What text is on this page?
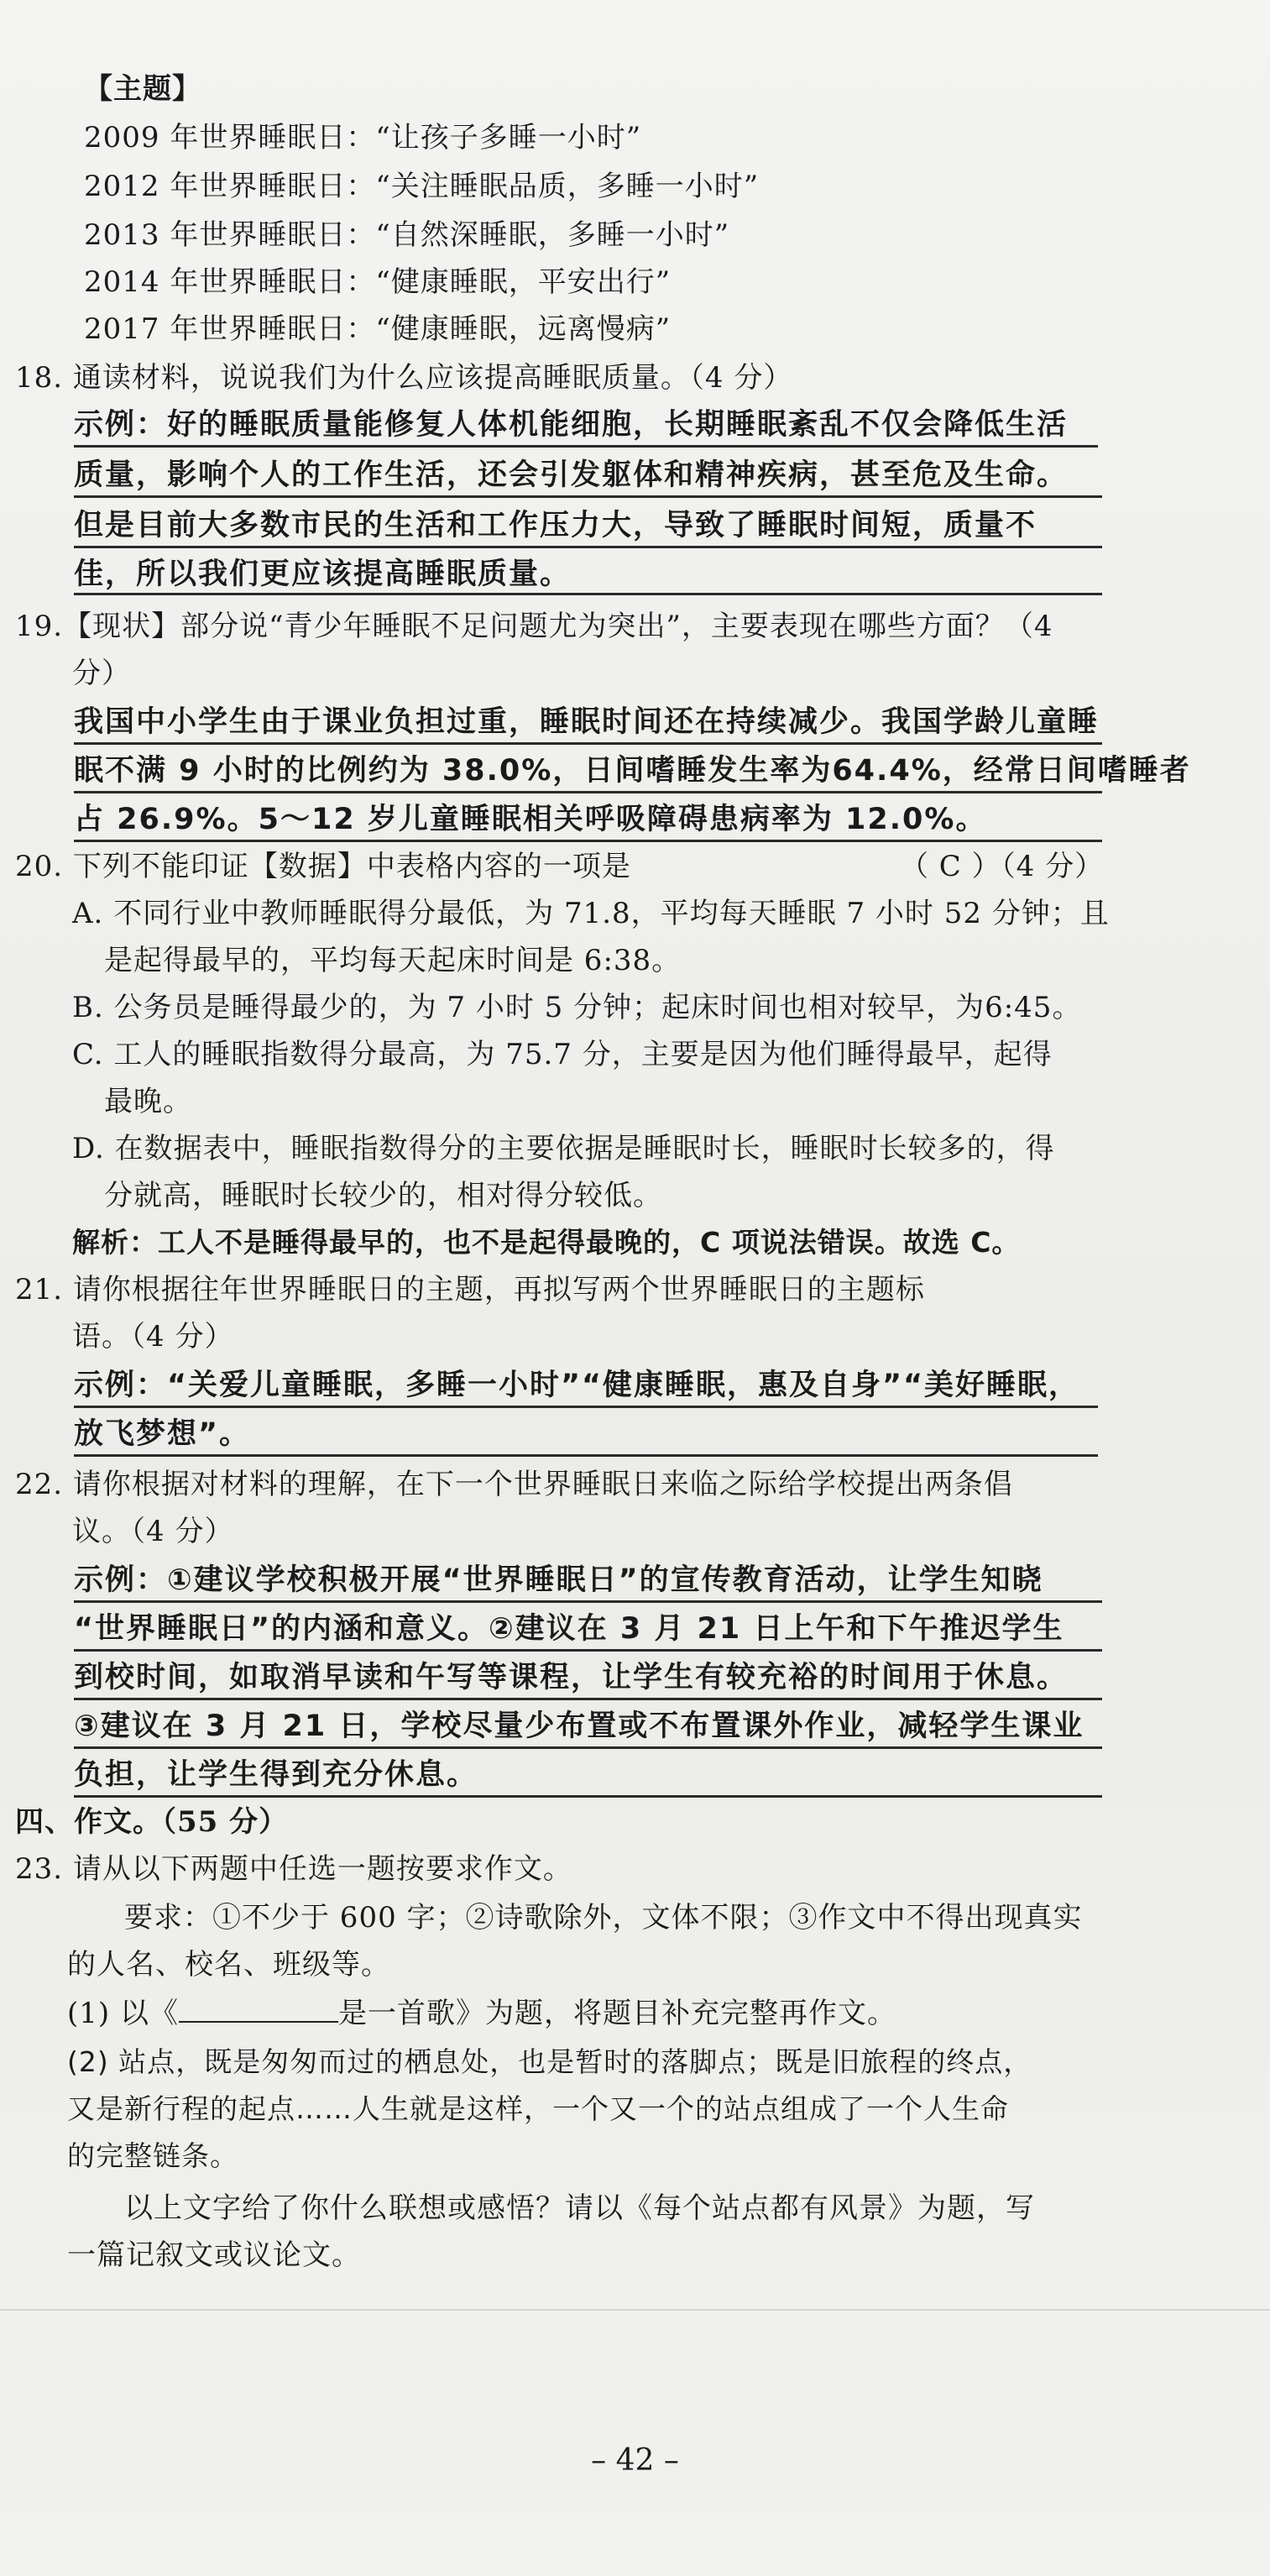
【主题】
2009 年世界睡眠日：“让孩子多睡一小时”
2012 年世界睡眠日：“关注睡眠品质，多睡一小时”
2013 年世界睡眠日：“自然深睡眠，多睡一小时”
2014 年世界睡眠日：“健康睡眠，平安出行”
2017 年世界睡眠日：“健康睡眠，远离慢病”
18. 通读材料，说说我们为什么应该提高睡眠质量。（4 分）
示例：好的睡眠质量能修复人体机能细胞，长期睡眠紊乱不仅会降低生活
质量，影响个人的工作生活，还会引发躯体和精神疾病，甚至危及生命。
但是目前大多数市民的生活和工作压力大，导致了睡眠时间短，质量不
佳，所以我们更应该提高睡眠质量。
19.【现状】部分说“青少年睡眠不足问题尤为突出”，主要表现在哪些方面？（4
分）
我国中小学生由于课业负担过重，睡眠时间还在持续减少。我国学龄儿童睡
眠不满 9 小时的比例约为 38.0%，日间嗜睡发生率为64.4%，经常日间嗜睡者
占 26.9%。5～12 岁儿童睡眠相关呼吸障碍患病率为 12.0%。
20. 下列不能印证【数据】中表格内容的一项是	（ C ）（4 分）
A. 不同行业中教师睡眠得分最低，为 71.8，平均每天睡眠 7 小时 52 分钟；且
是起得最早的，平均每天起床时间是 6:38。
B. 公务员是睡得最少的，为 7 小时 5 分钟；起床时间也相对较早，为6:45。
C. 工人的睡眠指数得分最高，为 75.7 分，主要是因为他们睡得最早，起得
最晚。
D. 在数据表中，睡眠指数得分的主要依据是睡眠时长，睡眠时长较多的，得
分就高，睡眠时长较少的，相对得分较低。
解析：工人不是睡得最早的，也不是起得最晚的，C 项说法错误。故选 C。
21. 请你根据往年世界睡眠日的主题，再拟写两个世界睡眠日的主题标
语。（4 分）
示例：“关爱儿童睡眠，多睡一小时”“健康睡眠，惠及自身”“美好睡眠，
放飞梦想”。
22. 请你根据对材料的理解，在下一个世界睡眠日来临之际给学校提出两条倡
议。（4 分）
示例：①建议学校积极开展“世界睡眠日”的宣传教育活动，让学生知晓
“世界睡眠日”的内涵和意义。②建议在 3 月 21 日上午和下午推迟学生
到校时间，如取消早读和午写等课程，让学生有较充裕的时间用于休息。
③建议在 3 月 21 日，学校尽量少布置或不布置课外作业，减轻学生课业
负担，让学生得到充分休息。
四、作文。（55 分）
23. 请从以下两题中任选一题按要求作文。
要求：①不少于 600 字；②诗歌除外，文体不限；③作文中不得出现真实
的人名、校名、班级等。
(1) 以《	是一首歌》为题，将题目补充完整再作文。
(2) 站点，既是匆匆而过的栖息处，也是暂时的落脚点；既是旧旅程的终点，
又是新行程的起点……人生就是这样，一个又一个的站点组成了一个人生命
的完整链条。
以上文字给了你什么联想或感悟？请以《每个站点都有风景》为题，写
一篇记叙文或议论文。
– 42 –
